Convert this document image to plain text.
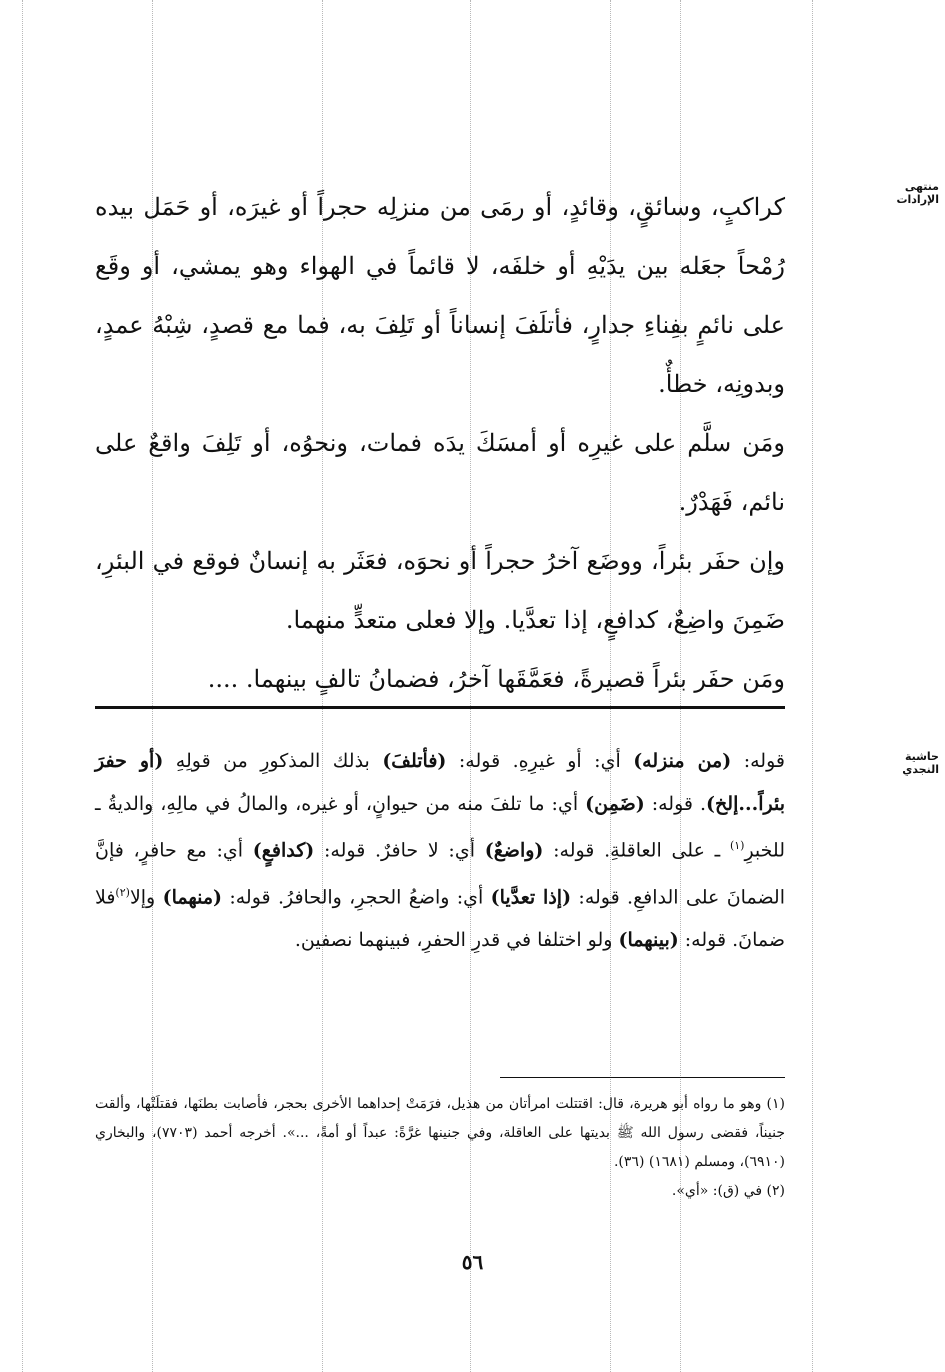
منتهى الإرادات
حاشية النجدي

كراكبٍ، وسائقٍ، وقائدٍ، أو رمَى من منزلِه حجراً أو غيرَه، أو حَمَل بيده رُمْحاً جعَله بين يدَيْهِ أو خلفَه، لا قائماً في الهواء وهو يمشي، أو وقَع على نائمٍ بفِناءِ جدارٍ، فأتلَفَ إنساناً أو تَلِفَ به، فما مع قصدٍ، شِبْهُ عمدٍ، وبدونِه، خطأٌ.

ومَن سلَّم على غيرِه أو أمسَكَ يدَه فمات، ونحوُه، أو تَلِفَ واقعٌ على نائم، فَهَدْرٌ.

وإن حفَر بئراً، ووضَع آخرُ حجراً أو نحوَه، فعَثَر به إنسانٌ فوقع في البئرِ، ضَمِنَ واضِعٌ، كدافعٍ، إذا تعدَّيا. وإلا فعلى متعدٍّ منهما.

ومَن حفَر بئراً قصيرةً، فعَمَّقَها آخرُ، فضمانُ تالفٍ بينهما. ....

قوله: (من منزله) أي: أو غيرِهِ. قوله: (فأتلفَ) بذلك المذكورِ من قولِهِ (أو حفرَ بئراً...إلخ). قوله: (ضَمِن) أي: ما تلفَ منه من حيوانٍ، أو غيره، والمالُ في مالِهِ، والديةُ ـ للخبرِ$^{(١)}$ ـ على العاقلةِ. قوله: (واضعٌ) أي: لا حافرٌ. قوله: (كدافعٍ) أي: مع حافرٍ، فإنَّ الضمانَ على الدافعِ. قوله: (إذا تعدَّيا) أي: واضعُ الحجرِ، والحافرُ. قوله: (منهما) وإلا$^{(٢)}$فلا ضمانَ. قوله: (بينهما) ولو اختلفا في قدرِ الحفرِ، فبينهما نصفين.

(١) وهو ما رواه أبو هريرة، قال: اقتتلت امرأتان من هذيل، فرَمَتْ إحداهما الأخرى بحجر، فأصابت بطنَها، فقتلَتْها، وألقت جنيناً، فقضى رسول الله ﷺ بديتها على العاقلة، وفي جنينها غرَّةً: عبداً أو أمةً، ...». أخرجه أحمد (٧٧٠٣)، والبخاري (٦٩١٠)، ومسلم (١٦٨١) (٣٦).

(٢) في (ق): «أي».

٥٦
